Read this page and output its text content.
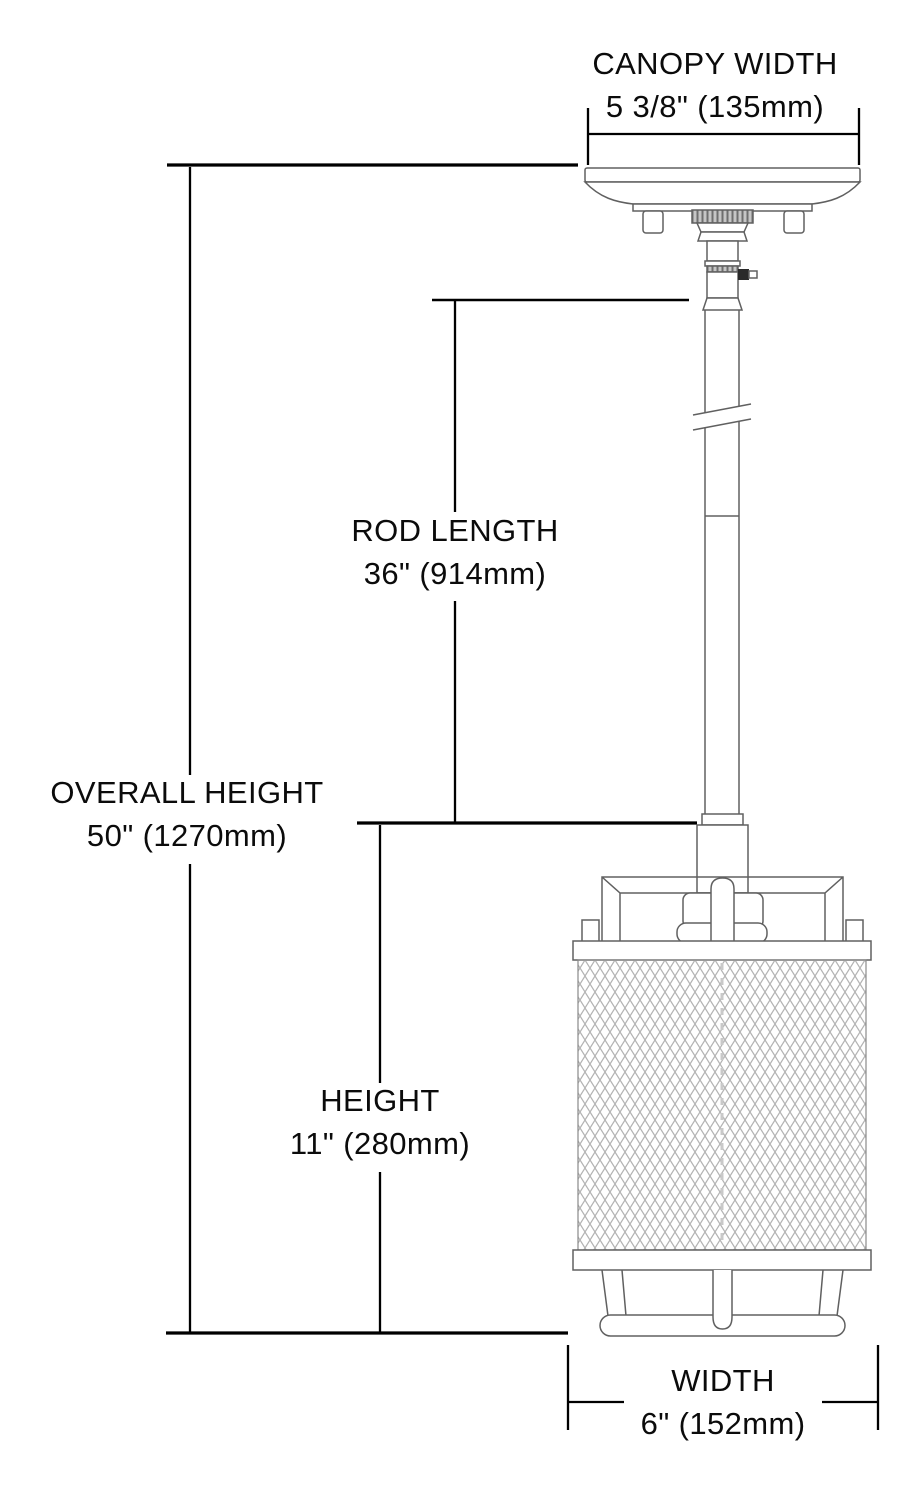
CANOPY WIDTH
5 3/8" (135mm)
ROD LENGTH
36" (914mm)
OVERALL HEIGHT
50" (1270mm)
HEIGHT
11" (280mm)
WIDTH
6" (152mm)
